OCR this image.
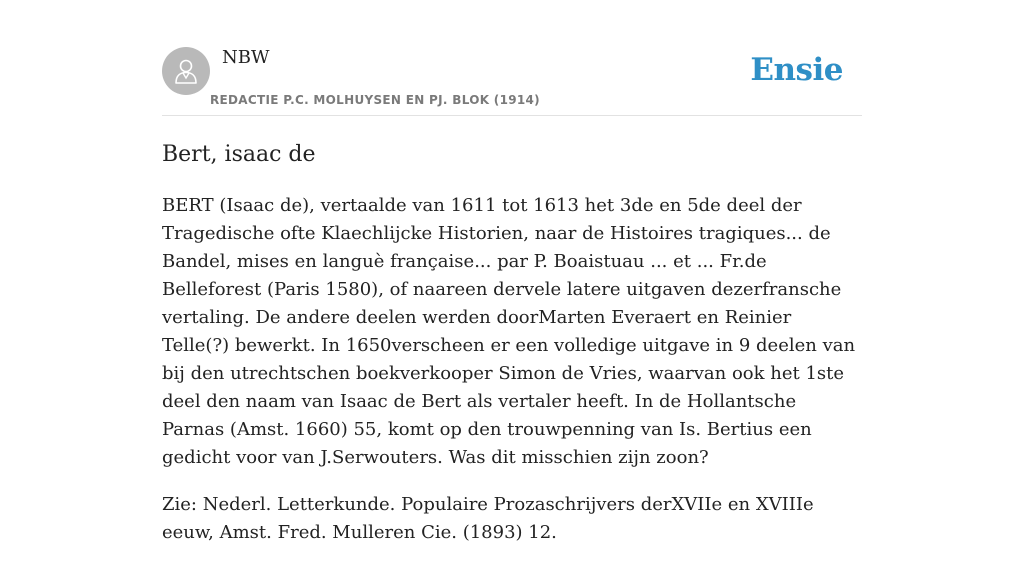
NBW
REDACTIE P.C. MOLHUYSEN EN PJ. BLOK (1914)
Ensie
Bert, isaac de

BERT (Isaac de), vertaalde van 1611 tot 1613 het 3de en 5de deel der Tragedische ofte Klaechlijcke Historien, naar de Histoires tragiques... de Bandel, mises en languè française... par P. Boaistuau ... et ... Fr.de Belleforest (Paris 1580), of naareen dervele latere uitgaven dezerfransche vertaling. De andere deelen werden doorMarten Everaert en Reinier Telle(?) bewerkt. In 1650verscheen er een volledige uitgave in 9 deelen van bij den utrechtschen boekverkooper Simon de Vries, waarvan ook het 1ste deel den naam van Isaac de Bert als vertaler heeft. In de Hollantsche Parnas (Amst. 1660) 55, komt op den trouwpenning van Is. Bertius een gedicht voor van J.Serwouters. Was dit misschien zijn zoon?

Zie: Nederl. Letterkunde. Populaire Prozaschrijvers derXVIIe en XVIIIe eeuw, Amst. Fred. Mulleren Cie. (1893) 12.
